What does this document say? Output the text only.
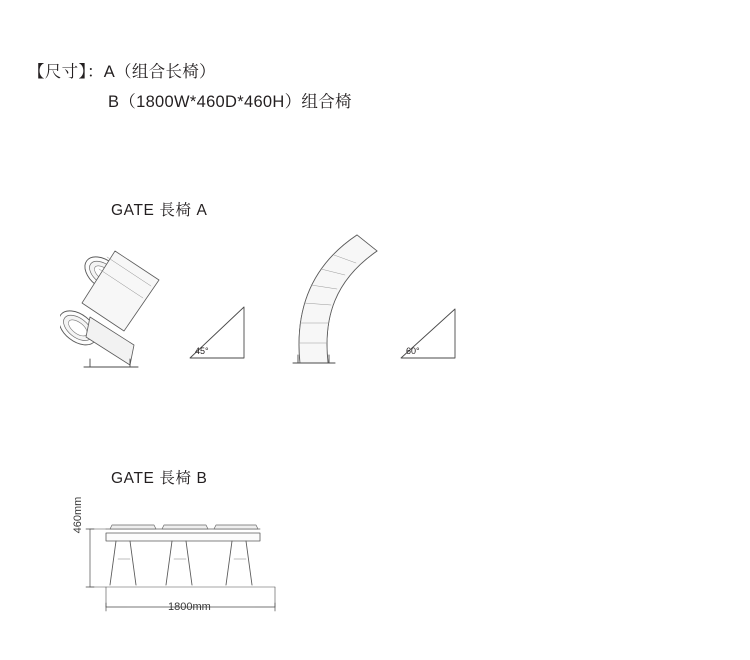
【尺寸】：A（组合长椅）
B（1800W*460D*460H）组合椅
GATE 長椅 A
45°	60°
GATE 長椅 B
460mm
1800mm
